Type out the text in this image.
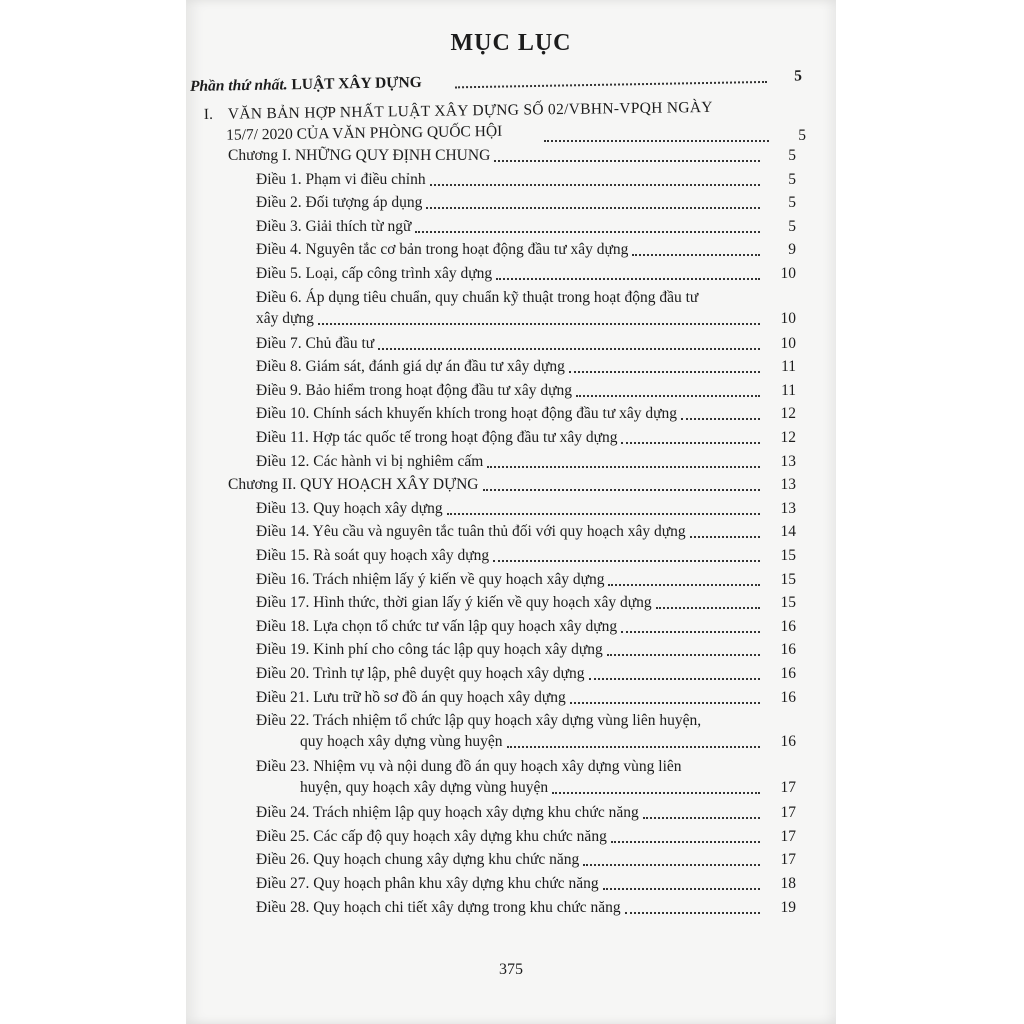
MỤC LỤC
Phần thứ nhất. LUẬT XÂY DỰNG	5
I. VĂN BẢN HỢP NHẤT LUẬT XÂY DỰNG SỐ 02/VBHN-VPQH NGÀY
15/7/ 2020 CỦA VĂN PHÒNG QUỐC HỘI	5
Chương I. NHỮNG QUY ĐỊNH CHUNG	5
Điều 1. Phạm vi điều chỉnh	5
Điều 2. Đối tượng áp dụng	5
Điều 3. Giải thích từ ngữ	5
Điều 4. Nguyên tắc cơ bản trong hoạt động đầu tư xây dựng	9
Điều 5. Loại, cấp công trình xây dựng	10
Điều 6. Áp dụng tiêu chuẩn, quy chuẩn kỹ thuật trong hoạt động đầu tư
xây dựng	10
Điều 7. Chủ đầu tư	10
Điều 8. Giám sát, đánh giá dự án đầu tư xây dựng	11
Điều 9. Bảo hiểm trong hoạt động đầu tư xây dựng	11
Điều 10. Chính sách khuyến khích trong hoạt động đầu tư xây dựng	12
Điều 11. Hợp tác quốc tế trong hoạt động đầu tư xây dựng	12
Điều 12. Các hành vi bị nghiêm cấm	13
Chương II. QUY HOẠCH XÂY DỰNG	13
Điều 13. Quy hoạch xây dựng	13
Điều 14. Yêu cầu và nguyên tắc tuân thủ đối với quy hoạch xây dựng	14
Điều 15. Rà soát quy hoạch xây dựng	15
Điều 16. Trách nhiệm lấy ý kiến về quy hoạch xây dựng	15
Điều 17. Hình thức, thời gian lấy ý kiến về quy hoạch xây dựng	15
Điều 18. Lựa chọn tổ chức tư vấn lập quy hoạch xây dựng	16
Điều 19. Kinh phí cho công tác lập quy hoạch xây dựng	16
Điều 20. Trình tự lập, phê duyệt quy hoạch xây dựng	16
Điều 21. Lưu trữ hồ sơ đồ án quy hoạch xây dựng	16
Điều 22. Trách nhiệm tổ chức lập quy hoạch xây dựng vùng liên huyện,
quy hoạch xây dựng vùng huyện	16
Điều 23. Nhiệm vụ và nội dung đồ án quy hoạch xây dựng vùng liên
huyện, quy hoạch xây dựng vùng huyện	17
Điều 24. Trách nhiệm lập quy hoạch xây dựng khu chức năng	17
Điều 25. Các cấp độ quy hoạch xây dựng khu chức năng	17
Điều 26. Quy hoạch chung xây dựng khu chức năng	17
Điều 27. Quy hoạch phân khu xây dựng khu chức năng	18
Điều 28. Quy hoạch chi tiết xây dựng trong khu chức năng	19
375
